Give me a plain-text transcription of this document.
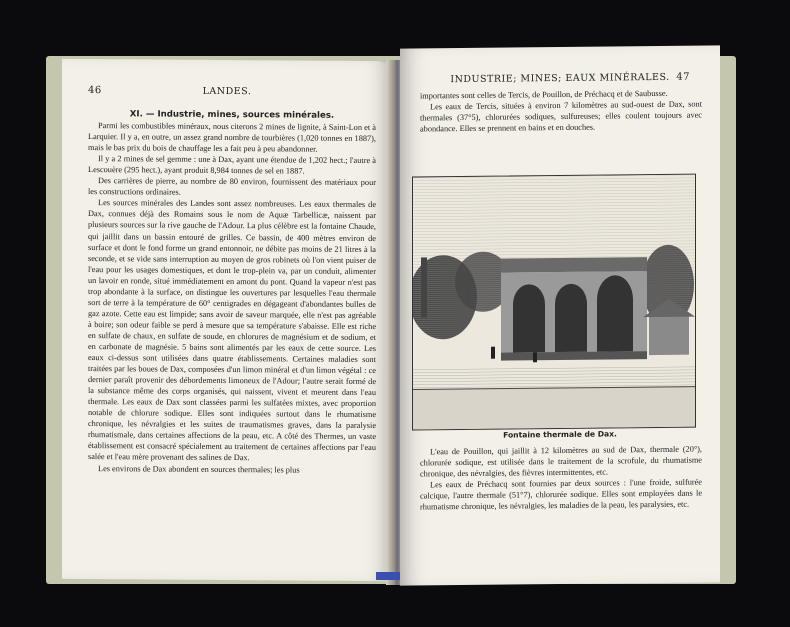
46	LANDES.

XI. — Industrie, mines, sources minérales.

Parmi les combustibles minéraux, nous citerons 2 mines de lignite, à Saint-Lon et à Larquier. Il y a, en outre, un assez grand nombre de tourbières (1,020 tonnes en 1887), mais le bas prix du bois de chauffage les a fait peu à peu abandonner.

Il y a 2 mines de sel gemme : une à Dax, ayant une étendue de 1,202 hect.; l'autre à Lescouère (295 hect.), ayant produit 8,984 tonnes de sel en 1887.

Des carrières de pierre, au nombre de 80 environ, fournissent des matériaux pour les constructions ordinaires.

Les sources minérales des Landes sont assez nombreuses. Les eaux thermales de Dax, connues déjà des Romains sous le nom de Aquæ Tarbellicæ, naissent par plusieurs sources sur la rive gauche de l'Adour. La plus célèbre est la fontaine Chaude, qui jaillit dans un bassin entouré de grilles. Ce bassin, de 400 mètres environ de surface et dont le fond forme un grand entonnoir, ne débite pas moins de 21 litres à la seconde, et se vide sans interruption au moyen de gros robinets où l'on vient puiser de l'eau pour les usages domestiques, et dont le trop-plein va, par un conduit, alimenter un lavoir en ronde, situé immédiatement en amont du pont. Quand la vapeur n'est pas trop abondante à la surface, on distingue les ouvertures par lesquelles l'eau thermale sort de terre à la température de 60° centigrades en dégageant d'abondantes bulles de gaz azote. Cette eau est limpide; sans avoir de saveur marquée, elle n'est pas agréable à boire; son odeur faible se perd à mesure que sa température s'abaisse. Elle est riche en sulfate de chaux, en sulfate de soude, en chlorures de magnésium et de sodium, et en carbonate de magnésie. 5 bains sont alimentés par les eaux de cette source. Les eaux ci-dessus sont utilisées dans quatre établissements. Certaines maladies sont traitées par les boues de Dax, composées d'un limon minéral et d'un limon végétal : ce dernier paraît provenir des débordements limoneux de l'Adour; l'autre serait formé de la substance même des corps organisés, qui naissent, vivent et meurent dans l'eau thermale. Les eaux de Dax sont classées parmi les sulfatées mixtes, avec proportion notable de chlorure sodique. Elles sont indiquées surtout dans le rhumatisme chronique, les névralgies et les suites de traumatismes graves, dans la paralysie rhumatismale, dans certaines affections de la peau, etc. A côté des Thermes, un vaste établissement est consacré spécialement au traitement de certaines affections par l'eau salée et l'eau mère provenant des salines de Dax.

Les environs de Dax abondent en sources thermales; les plus

INDUSTRIE; MINES; EAUX MINÉRALES. 47

importantes sont celles de Tercis, de Pouillon, de Préchacq et de Saubusse.

Les eaux de Tercis, situées à environ 7 kilomètres au sud-ouest de Dax, sont thermales (37°5), chlorurées sodiques, sulfureuses; elles coulent toujours avec abondance. Elles se prennent en bains et en douches.

Fontaine thermale de Dax.

L'eau de Pouillon, qui jaillit à 12 kilomètres au sud de Dax, thermale (20°), chlorurée sodique, est utilisée dans le traitement de la scrofule, du rhumatisme chronique, des névralgies, des fièvres intermittentes, etc.

Les eaux de Préchacq sont fournies par deux sources : l'une froide, sulfurée calcique, l'autre thermale (51°7), chlorurée sodique. Elles sont employées dans le rhumatisme chronique, les névralgies, les maladies de la peau, les paralysies, etc.
